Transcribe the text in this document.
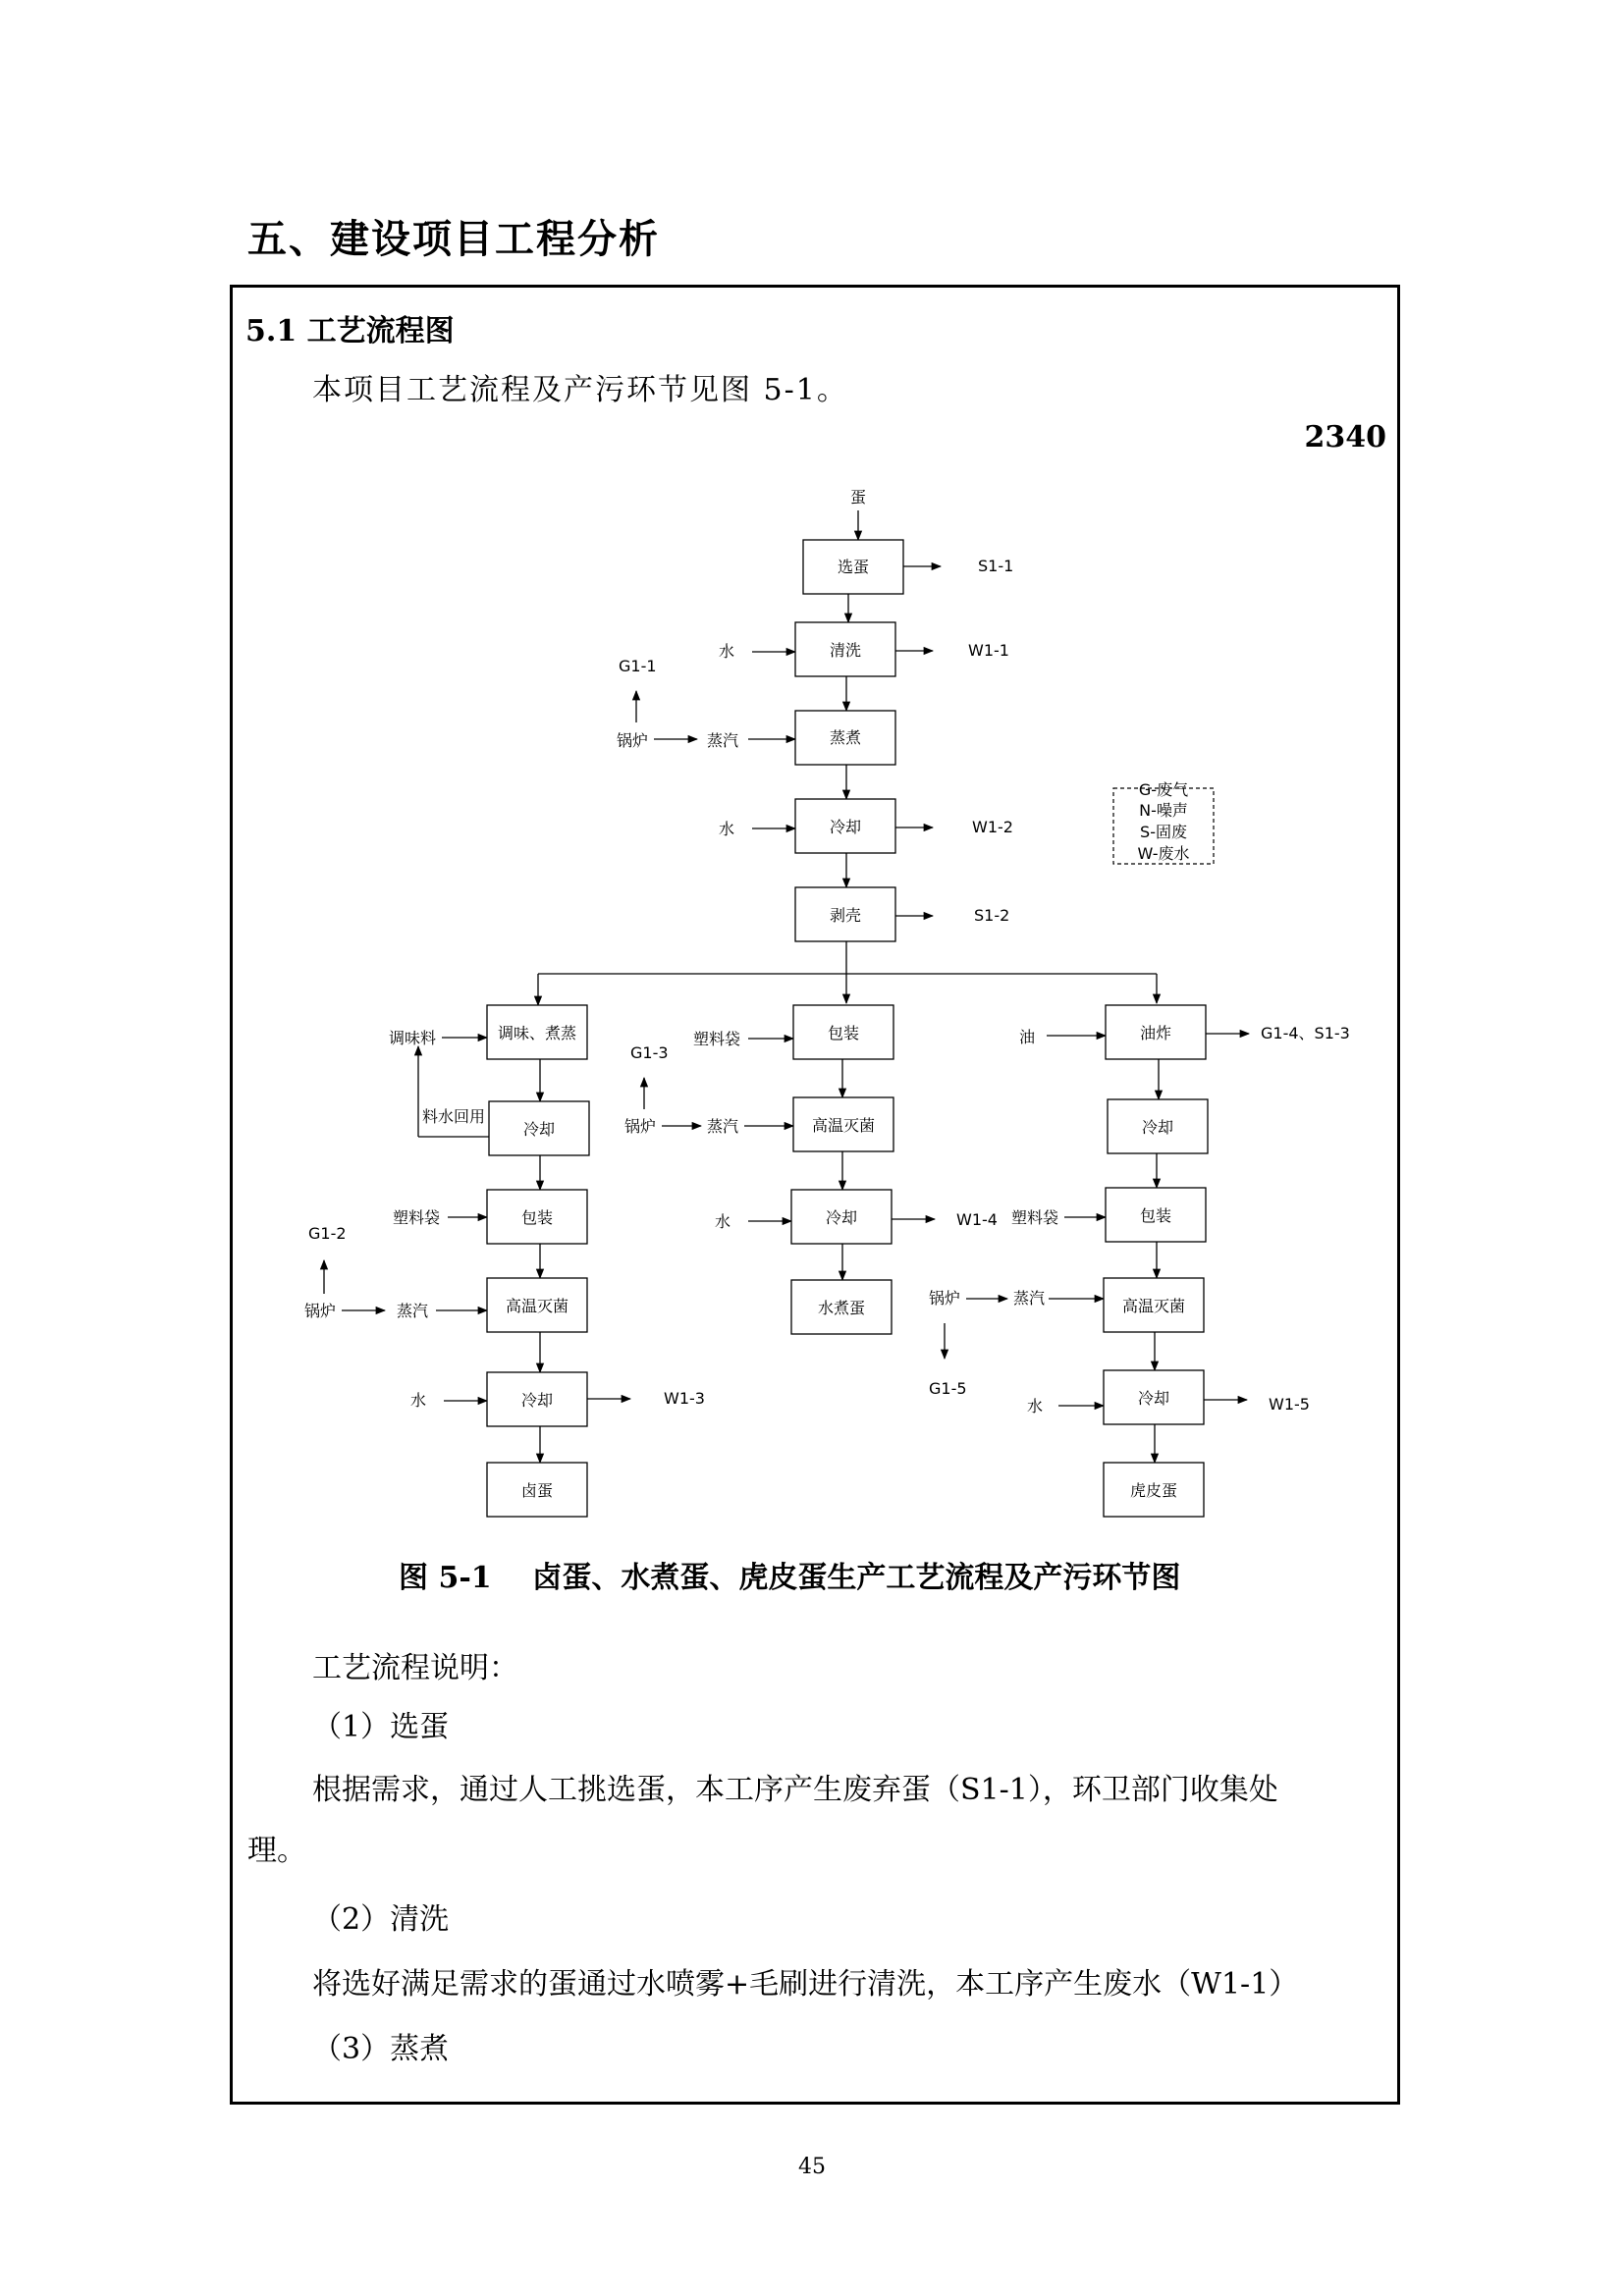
五、建设项目工程分析
5.1 工艺流程图
本项目工艺流程及产污环节见图 5-1。
2340
蛋
选蛋	S1-1
水	清洗	W1-1
G1-1
锅炉	蒸汽	蒸煮
水	冷却	W1-2
剥壳	S1-2
G-废气
N-噪声
S-固废
W-废水
调味料	调味、煮蒸
料水回用
冷却
塑料袋	包装
G1-2
锅炉	蒸汽	高温灭菌
水	冷却	W1-3
卤蛋
塑料袋	包装
G1-3
锅炉	蒸汽	高温灭菌
水	冷却	W1-4
水煮蛋
油	油炸	G1-4、S1-3
冷却
塑料袋	包装
锅炉	蒸汽
G1-5
高温灭菌
水	冷却	W1-5
虎皮蛋
图 5-1    卤蛋、水煮蛋、虎皮蛋生产工艺流程及产污环节图
工艺流程说明：
（1）选蛋
根据需求，通过人工挑选蛋，本工序产生废弃蛋（S1-1），环卫部门收集处
理。
（2）清洗
将选好满足需求的蛋通过水喷雾+毛刷进行清洗，本工序产生废水（W1-1）
（3）蒸煮
45
